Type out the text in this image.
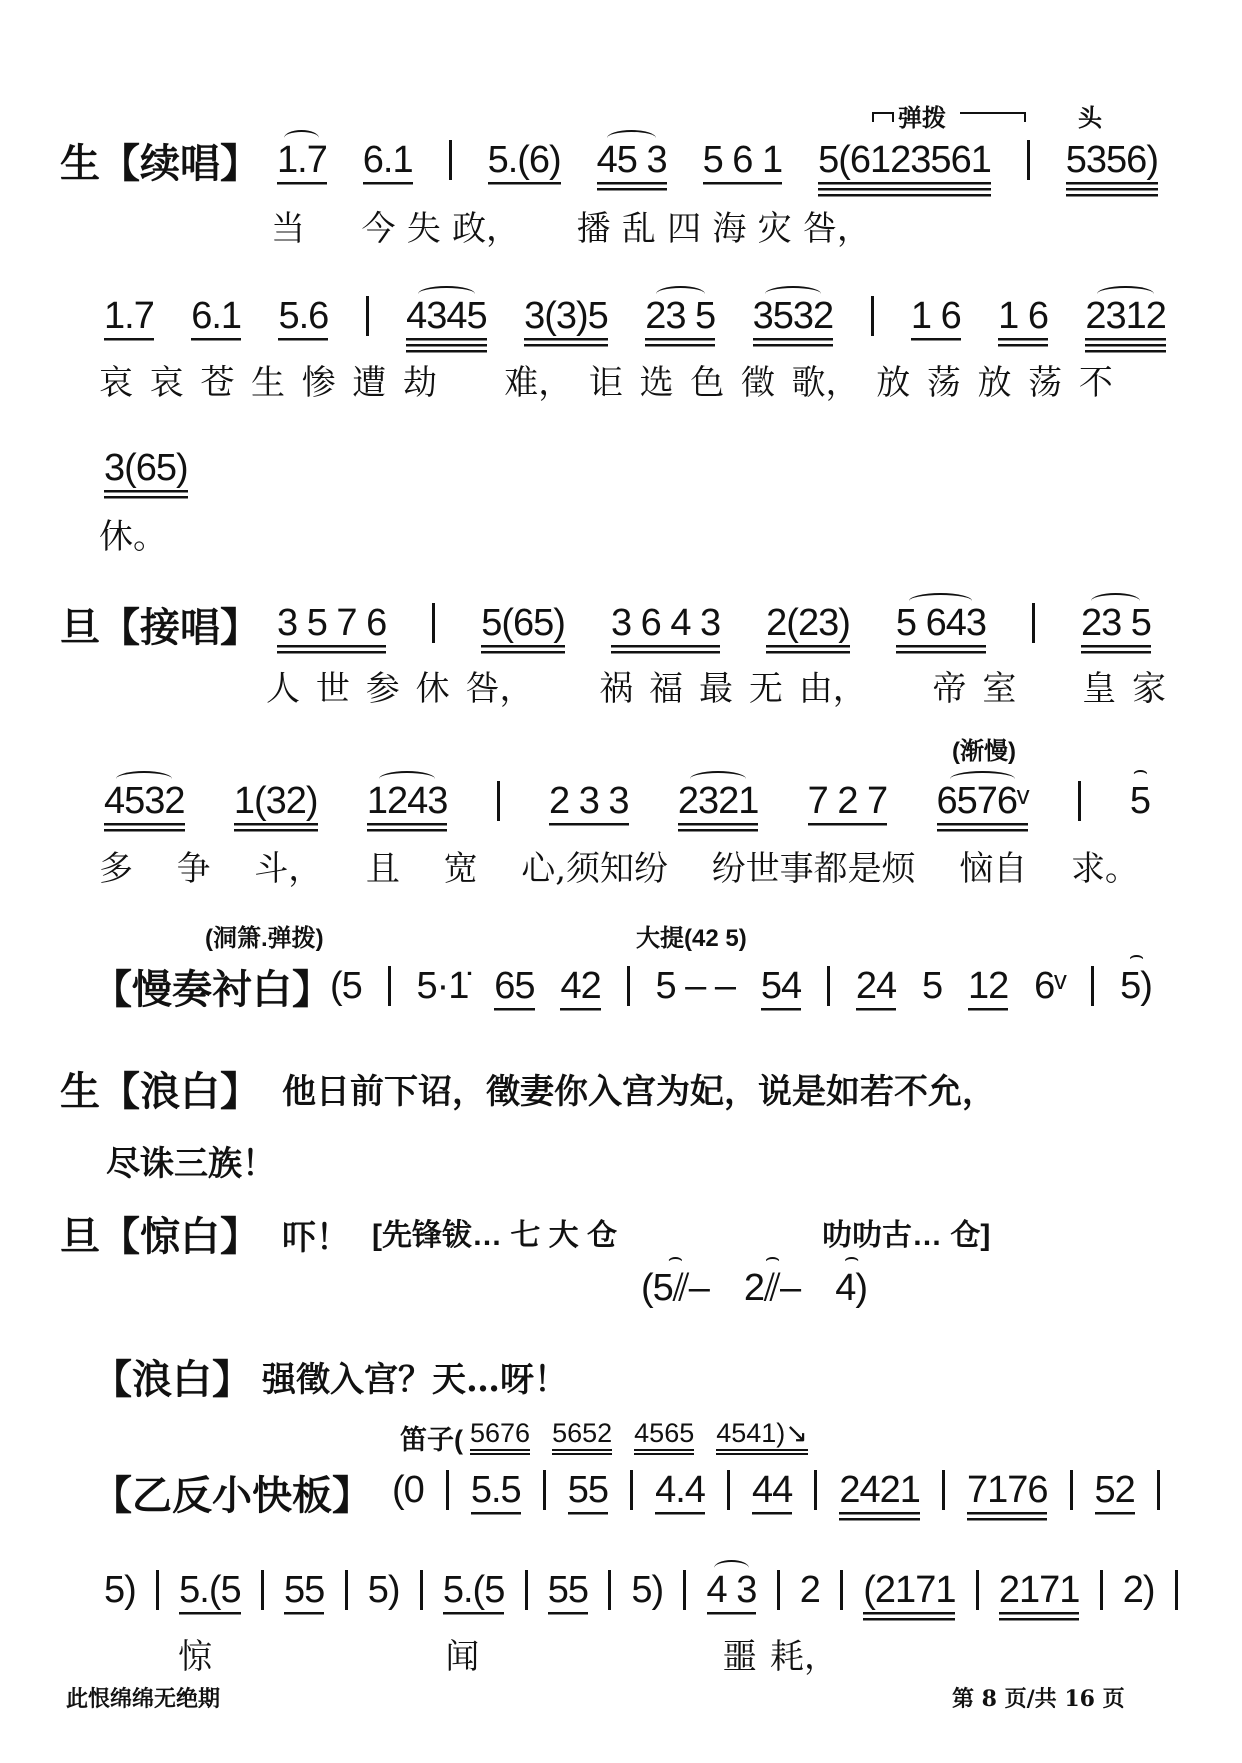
生 【续唱】
弹拨	头
1.7 6.1 5.(6) 45 3 5 6 1 5(6123561 5356)
当
　 今 失 政，
　 播 乱 四 海 灾 咎，
1.7 6.1 5.6 4345 3(3)5 23 5 3532 1 6 1 6 2312
哀 哀 苍 生 惨 遭 劫
　 难， 讵 选 色 徵 歌， 放 荡 放 荡 不
3(65)
休。
旦 【接唱】 3 5 7 6	5(65) 3 6 4 3 2(23) 5 643	23 5
人 世 参 休 咎，
　 祸 福 最 无 由，
　 帝 室
　 皇 家
(渐慢)
4532 1(32) 1243	2 3 3 2321 7 2 7 6576ᵛ	⌢ 5
多 争 斗， 且 宽 心,须知纷 纷世事都是烦 恼自 求。
(洞箫.弹拨)	大提(42 5)
【慢奏衬白】
(5 5·1̇ 65 42 5 – – 54 24 5 12 6ᵛ ⌢ 5)
生 【浪白】 他日前下诏，徵妻你入宫为妃，说是如若不允，
尽诛三族！
旦 【惊白】 吓！ [先锋钹… 七 大 仓	叻叻古… 仓]
⌢ (5⫽– ⌢ 2⫽– ⌢ 4)
【浪白】 强徵入宫？天…呀！
笛子( 5676 5652 4565 4541)↘
【乙反小快板】 (0 5.5 55 4.4 44 2421 7176 52
5) 5.(5 55 5) 5.(5 55 5) 4 3 2 (2171 2171 2)
惊	闻	噩 耗，
此恨绵绵无绝期	第 8 页/共 16 页
